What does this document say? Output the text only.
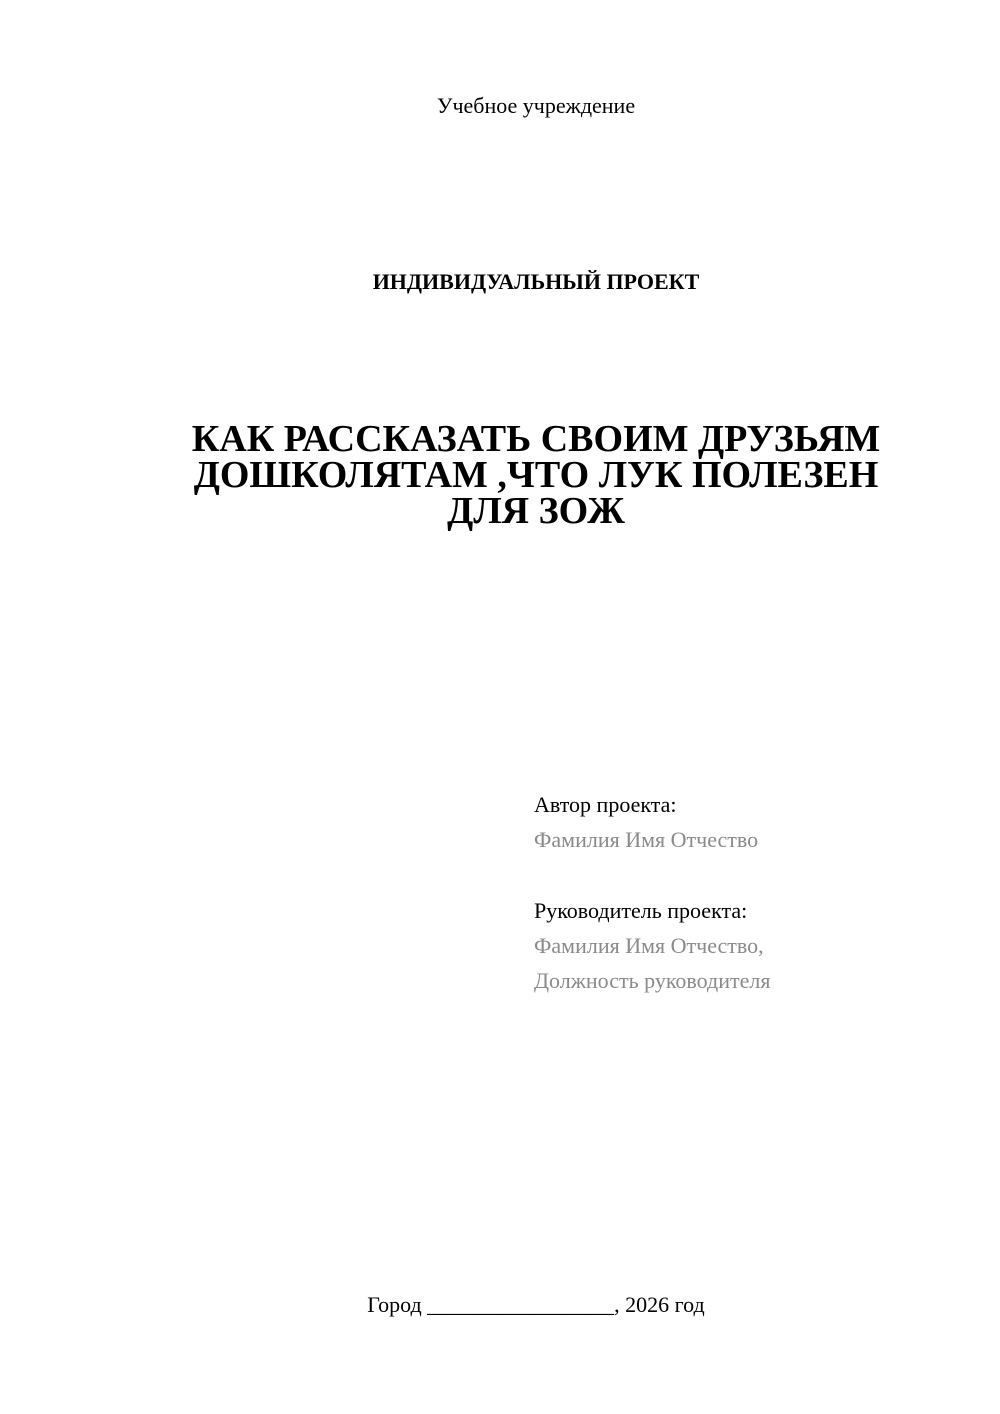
Учебное учреждение

ИНДИВИДУАЛЬНЫЙ ПРОЕКТ

КАК РАССКАЗАТЬ СВОИМ ДРУЗЬЯМ
ДОШКОЛЯТАМ ,ЧТО ЛУК ПОЛЕЗЕН
ДЛЯ ЗОЖ
Автор проекта:
Фамилия Имя Отчество
Руководитель проекта:
Фамилия Имя Отчество,
Должность руководителя
Город _________________, 2026 год
